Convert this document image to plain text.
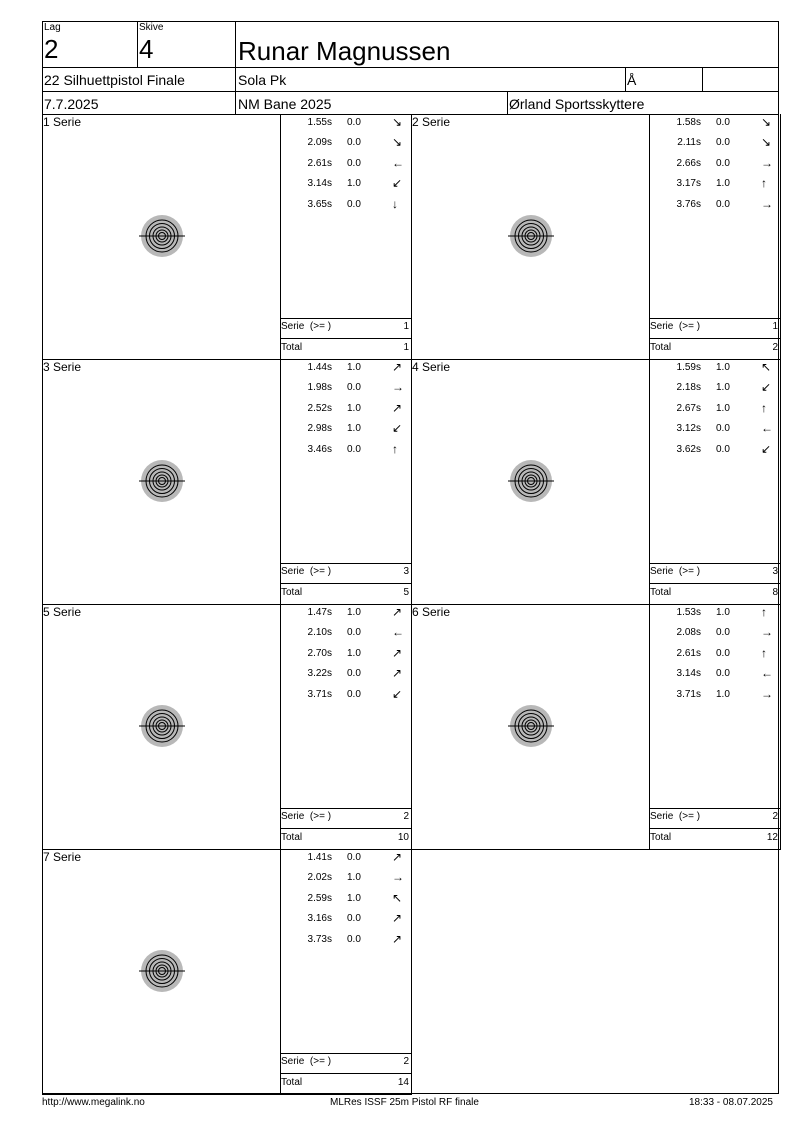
Lag
2
Skive
4	Runar Magnussen
22 Silhuettpistol Finale	Sola Pk	Å
7.7.2025	NM Bane 2025	Ørland Sportsskyttere
1 Serie	1.55s 0.0	↘
2.09s 0.0	↘
2.61s 0.0	←
3.14s 1.0	↙
3.65s 0.0	↓
Serie  (>= )	1
Total	1
2 Serie	1.58s 0.0	↘
2.11s 0.0	↘
2.66s 0.0	→
3.17s 1.0	↑
3.76s 0.0	→
Serie  (>= )	1
Total	2
3 Serie	1.44s 1.0	↗
1.98s 0.0	→
2.52s 1.0	↗
2.98s 1.0	↙
3.46s 0.0	↑
Serie  (>= )	3
Total	5
4 Serie	1.59s 1.0	↖
2.18s 1.0	↙
2.67s 1.0	↑
3.12s 0.0	←
3.62s 0.0	↙
Serie  (>= )	3
Total	8
5 Serie	1.47s 1.0	↗
2.10s 0.0	←
2.70s 1.0	↗
3.22s 0.0	↗
3.71s 0.0	↙
Serie  (>= )	2
Total	10
6 Serie	1.53s 1.0	↑
2.08s 0.0	→
2.61s 0.0	↑
3.14s 0.0	←
3.71s 1.0	→
Serie  (>= )	2
Total	12
7 Serie	1.41s 0.0	↗
2.02s 1.0	→
2.59s 1.0	↖
3.16s 0.0	↗
3.73s 0.0	↗
Serie  (>= )	2
Total	14
http://www.megalink.no	MLRes ISSF 25m Pistol RF finale	18:33 - 08.07.2025
